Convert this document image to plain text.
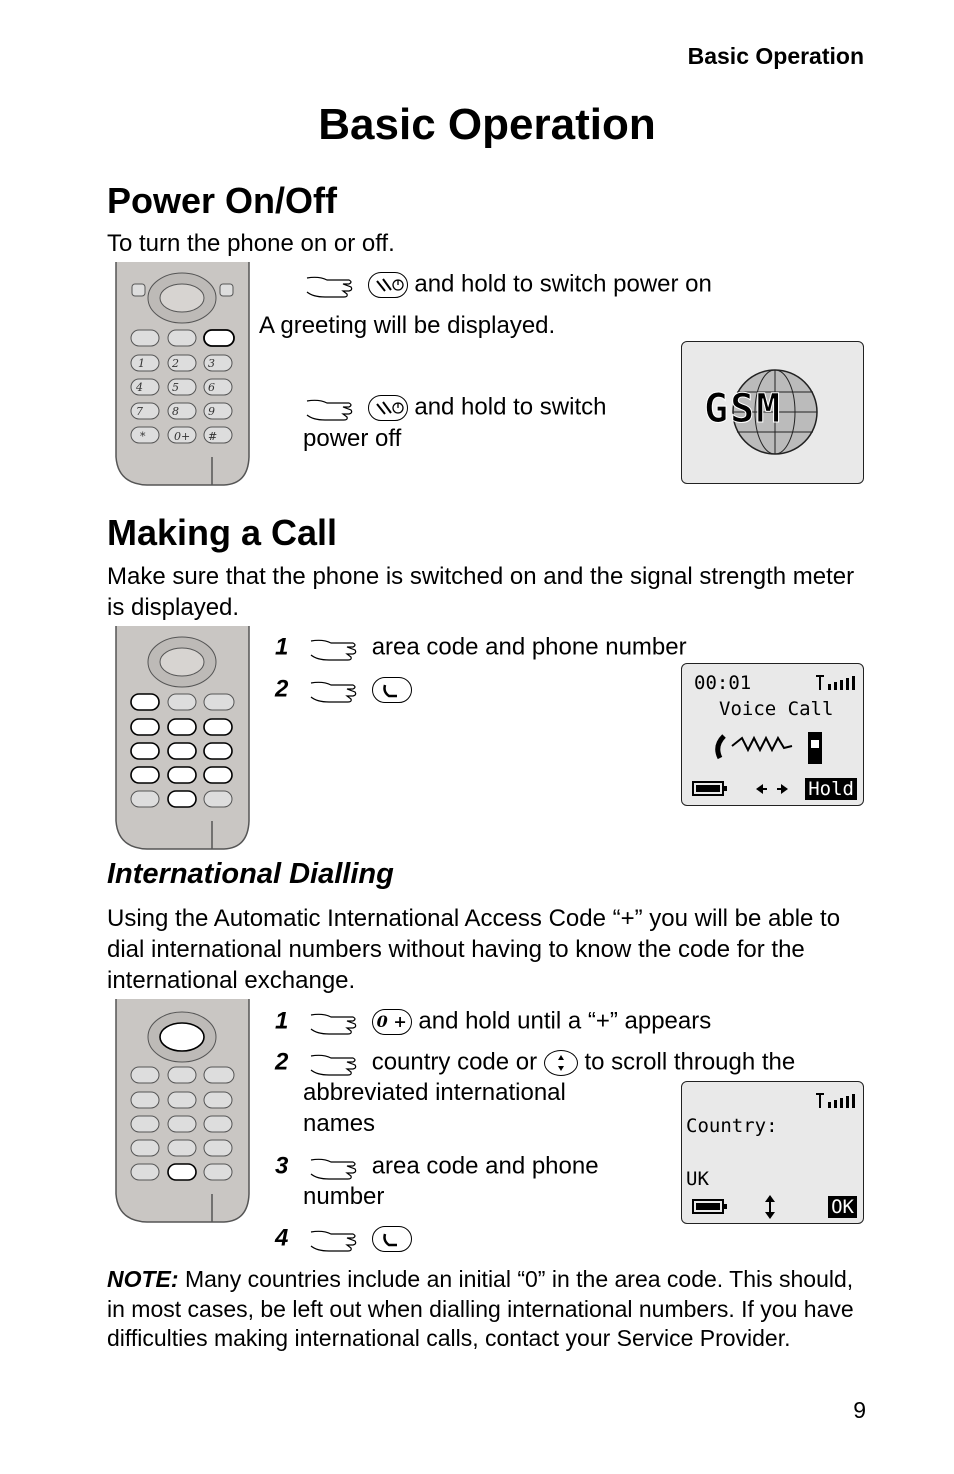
Basic Operation
Basic Operation
Power On/Off
To turn the phone on or off.
1 2	3
4	5	6
7	8	9
*	0+ #

and hold to switch power on
A greeting will be displayed.

and hold to switch
power off
GSM
Making a Call
Make sure that the phone is switched on and the signal strength meter is displayed.
1	area code and phone number
2	00:01
Voice Call
Hold
International Dialling
Using the Automatic International Access Code “+” you will be able to dial international numbers without having to know the code for the international exchange.
1	0 + and hold until a “+” appears
2	country code or to scroll through the
abbreviated international
names
3	area code and phone
number
4
Country:
UK
OK
NOTE: Many countries include an initial “0” in the area code. This should, in most cases, be left out when dialling international numbers. If you have difficulties making international calls, contact your Service Provider.
9
